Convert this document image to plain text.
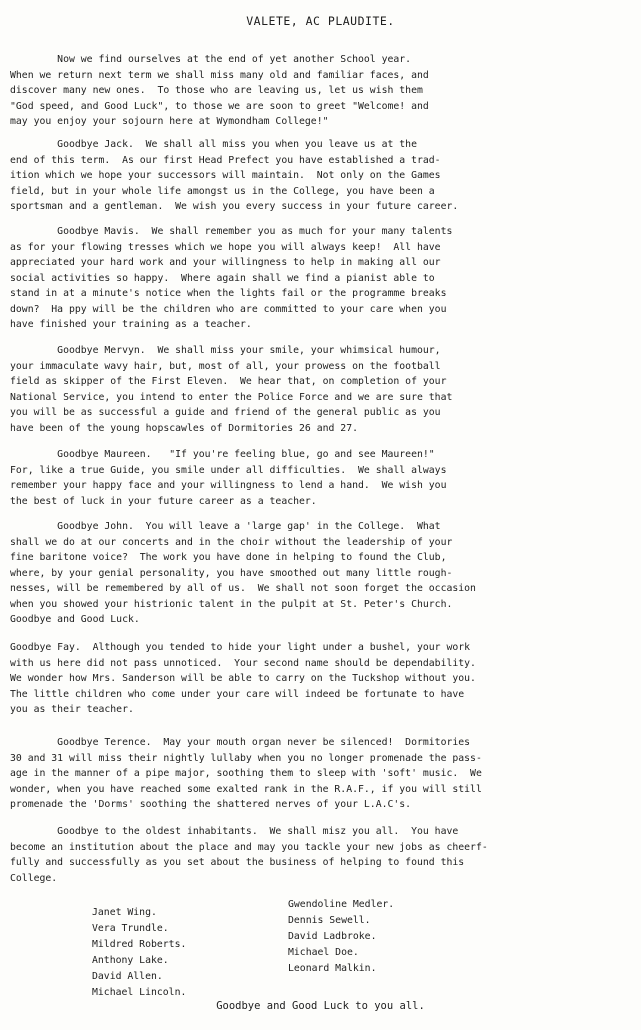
VALETE, AC PLAUDITE.
Now we find ourselves at the end of yet another School year.
When we return next term we shall miss many old and familiar faces, and
discover many new ones.  To those who are leaving us, let us wish them
"God speed, and Good Luck", to those we are soon to greet "Welcome! and
may you enjoy your sojourn here at Wymondham College!"
Goodbye Jack.  We shall all miss you when you leave us at the
end of this term.  As our first Head Prefect you have established a trad-
ition which we hope your successors will maintain.  Not only on the Games
field, but in your whole life amongst us in the College, you have been a
sportsman and a gentleman.  We wish you every success in your future career.
Goodbye Mavis.  We shall remember you as much for your many talents
as for your flowing tresses which we hope you will always keep!  All have
appreciated your hard work and your willingness to help in making all our
social activities so happy.  Where again shall we find a pianist able to
stand in at a minute's notice when the lights fail or the programme breaks
down?  Ha ppy will be the children who are committed to your care when you
have finished your training as a teacher.
Goodbye Mervyn.  We shall miss your smile, your whimsical humour,
your immaculate wavy hair, but, most of all, your prowess on the football
field as skipper of the First Eleven.  We hear that, on completion of your
National Service, you intend to enter the Police Force and we are sure that
you will be as successful a guide and friend of the general public as you
have been of the young hopscawles of Dormitories 26 and 27.
Goodbye Maureen.   "If you're feeling blue, go and see Maureen!"
For, like a true Guide, you smile under all difficulties.  We shall always
remember your happy face and your willingness to lend a hand.  We wish you
the best of luck in your future career as a teacher.
Goodbye John.  You will leave a 'large gap' in the College.  What
shall we do at our concerts and in the choir without the leadership of your
fine baritone voice?  The work you have done in helping to found the Club,
where, by your genial personality, you have smoothed out many little rough-
nesses, will be remembered by all of us.  We shall not soon forget the occasion
when you showed your histrionic talent in the pulpit at St. Peter's Church.
Goodbye and Good Luck.
Goodbye Fay.  Although you tended to hide your light under a bushel, your work
with us here did not pass unnoticed.  Your second name should be dependability.
We wonder how Mrs. Sanderson will be able to carry on the Tuckshop without you.
The little children who come under your care will indeed be fortunate to have
you as their teacher.
Goodbye Terence.  May your mouth organ never be silenced!  Dormitories
30 and 31 will miss their nightly lullaby when you no longer promenade the pass-
age in the manner of a pipe major, soothing them to sleep with 'soft' music.  We
wonder, when you have reached some exalted rank in the R.A.F., if you will still
promenade the 'Dorms' soothing the shattered nerves of your L.A.C's.
Goodbye to the oldest inhabitants.  We shall misz you all.  You have
become an institution about the place and may you tackle your new jobs as cheerf-
fully and successfully as you set about the business of helping to found this
College.
Janet Wing.
Vera Trundle.
Mildred Roberts.
Anthony Lake.
David Allen.
Michael Lincoln.
Gwendoline Medler.
Dennis Sewell.
David Ladbroke.
Michael Doe.
Leonard Malkin.
Goodbye and Good Luck to you all.
